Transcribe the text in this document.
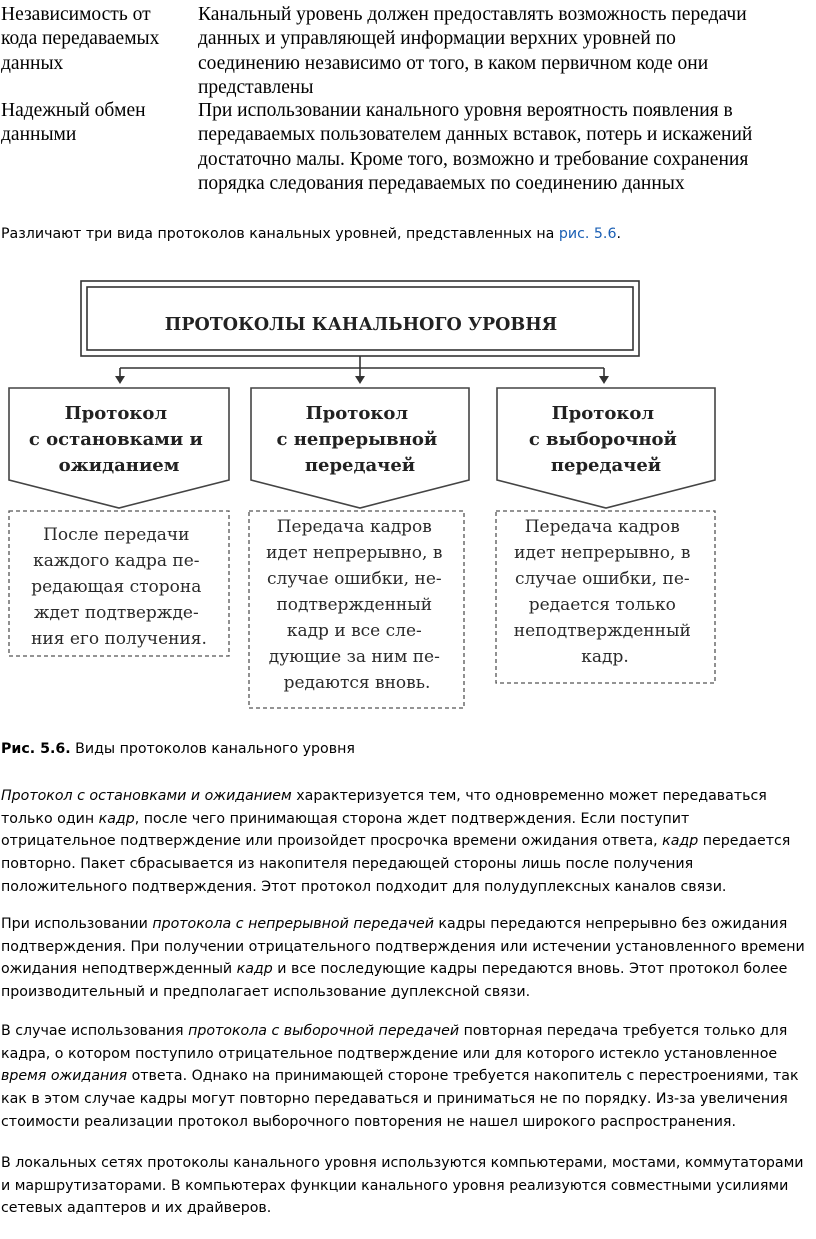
Независимость от
кода передаваемых
данных
Канальный уровень должен предоставлять возможность передачи
данных и управляющей информации верхних уровней по
соединению независимо от того, в каком первичном коде они
представлены
Надежный обмен
данными
При использовании канального уровня вероятность появления в
передаваемых пользователем данных вставок, потерь и искажений
достаточно малы. Кроме того, возможно и требование сохранения
порядка следования передаваемых по соединению данных
Различают три вида протоколов канальных уровней, представленных на рис. 5.6.
ПРОТОКОЛЫ КАНАЛЬНОГО УРОВНЯ
Протокол с остановками и ожиданием
Протокол с непрерывной передачей
Протокол с выборочной передачей
После передачи каждого кадра пе- редающая сторона ждет подтвержде- ния его получения.
Передача кадров идет непрерывно, в случае ошибки, не- подтвержденный кадр и все сле- дующие за ним пе- редаются вновь.
Передача кадров идет непрерывно, в случае ошибки, пе- редается только неподтвержденный кадр.
Рис. 5.6. Виды протоколов канального уровня
Протокол с остановками и ожиданием характеризуется тем, что одновременно может передаваться только один кадр, после чего принимающая сторона ждет подтверждения. Если поступит отрицательное подтверждение или произойдет просрочка времени ожидания ответа, кадр передается повторно. Пакет сбрасывается из накопителя передающей стороны лишь после получения положительного подтверждения. Этот протокол подходит для полудуплексных каналов связи.
При использовании протокола с непрерывной передачей кадры передаются непрерывно без ожидания подтверждения. При получении отрицательного подтверждения или истечении установленного времени ожидания неподтвержденный кадр и все последующие кадры передаются вновь. Этот протокол более производительный и предполагает использование дуплексной связи.
В случае использования протокола с выборочной передачей повторная передача требуется только для кадра, о котором поступило отрицательное подтверждение или для которого истекло установленное время ожидания ответа. Однако на принимающей стороне требуется накопитель с перестроениями, так как в этом случае кадры могут повторно передаваться и приниматься не по порядку. Из-за увеличения стоимости реализации протокол выборочного повторения не нашел широкого распространения.
В локальных сетях протоколы канального уровня используются компьютерами, мостами, коммутаторами и маршрутизаторами. В компьютерах функции канального уровня реализуются совместными усилиями сетевых адаптеров и их драйверов.
